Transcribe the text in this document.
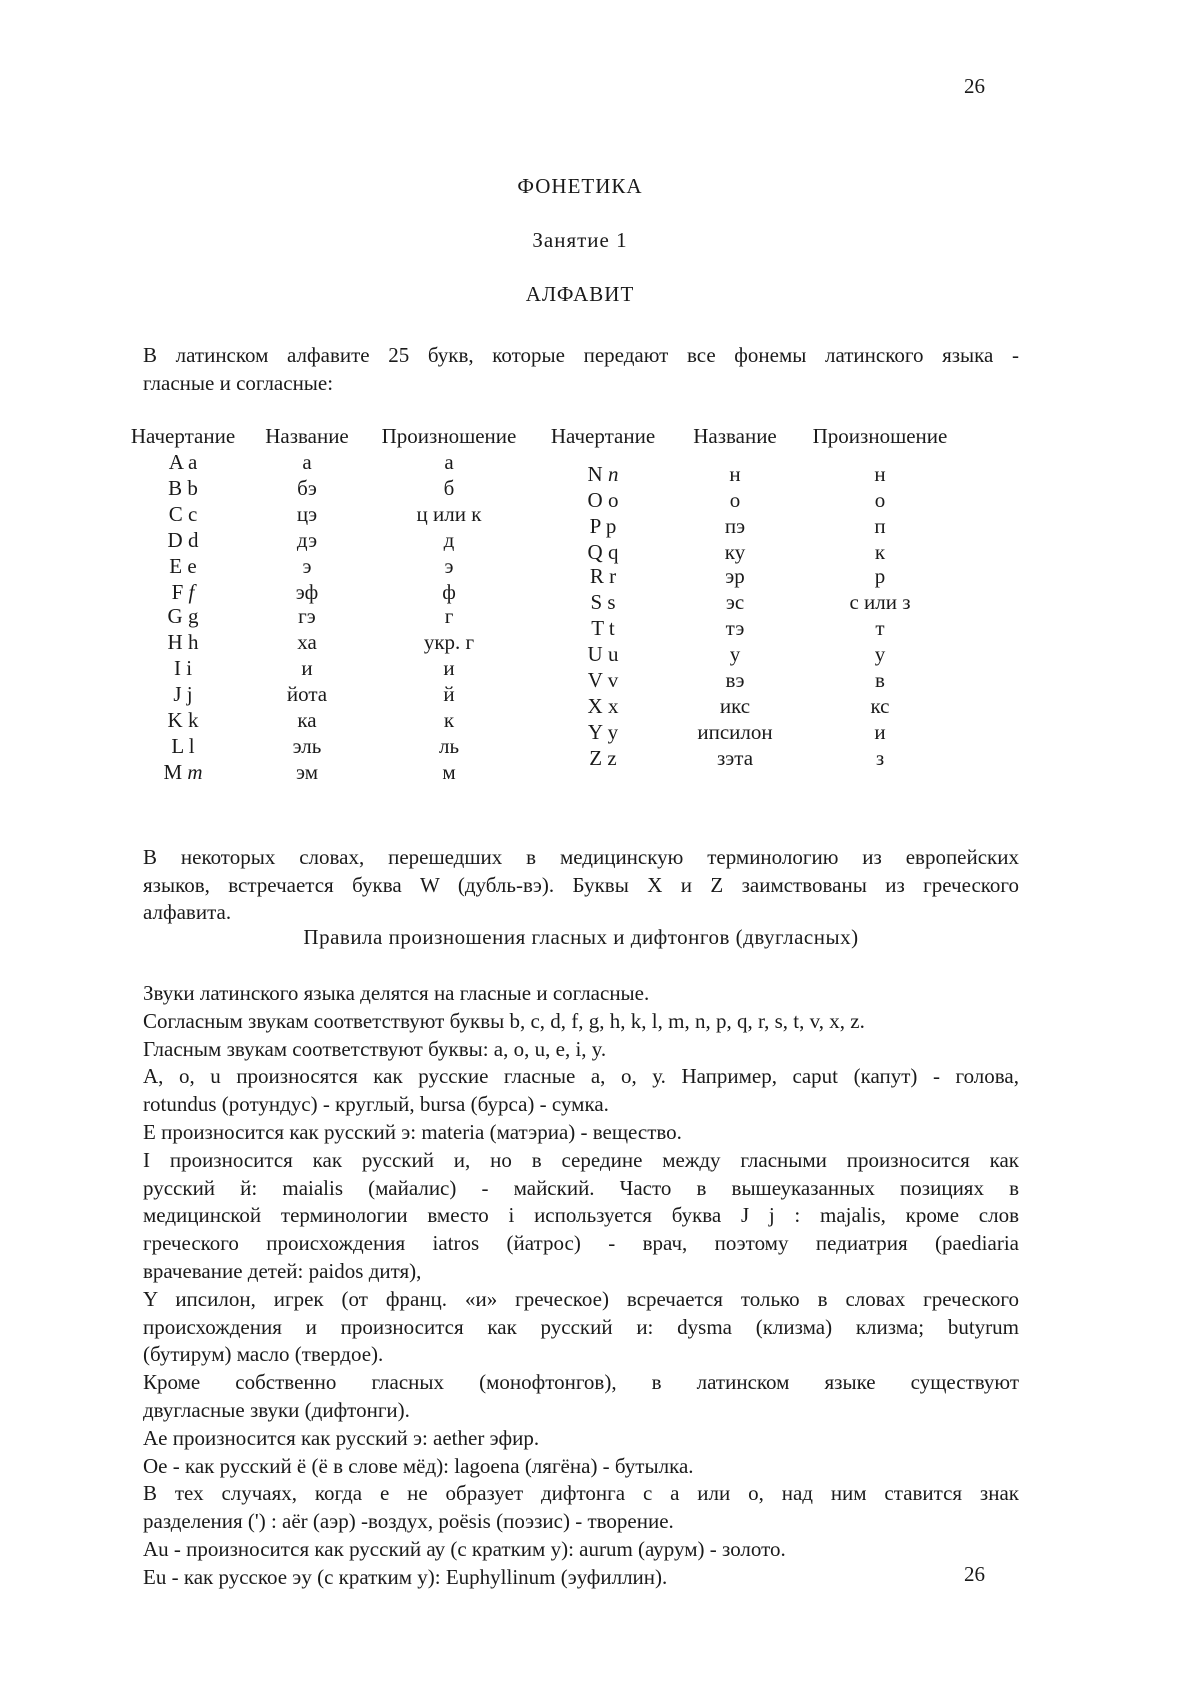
26
ФОНЕТИКА
Занятие 1
АЛФАВИТ
В латинском алфавите 25 букв, которые передают все фонемы латинского языка -
гласные и согласные:
Начертание	Название	Произношение	Начертание	Название	Произношение
A a	а	а
B b	бэ	б
C c	цэ	ц или к
D d	дэ	д
E e	э	э
F f	эф	ф
G g	гэ	г
H h	ха	укр. г
I i	и	и
J j	йота	й
K k	ка	к
L l	эль	ль
M m	эм	м
N n	н	н
O o	о	о
P p	пэ	п
Q q	ку	к
R r	эр	р
S s	эс	с или з
T t	тэ	т
U u	у	у
V v	вэ	в
X x	икс	кс
Y y	ипсилон	и
Z z	зэта	з
В некоторых словах, перешедших в медицинскую терминологию из европейских
языков, встречается буква W (дубль-вэ). Буквы X и Z заимствованы из греческого
алфавита.
Правила произношения гласных и дифтонгов (двугласных)
Звуки латинского языка делятся на гласные и согласные.
Согласным звукам соответствуют буквы b, c, d, f, g, h, k, l, m, n, p, q, r, s, t, v, x, z.
Гласным звукам соответствуют буквы: a, o, u, e, i, y.
A, o, u произносятся как русские гласные а, о, у. Например, caput (капут) - голова,
rotundus (ротундус) - круглый, bursa (бурса) - сумка.
E произносится как русский э: materia (матэриа) - вещество.
I произносится как русский и, но в середине между гласными произносится как
русский й: maialis (майалис) - майский. Часто в вышеуказанных позициях в
медицинской терминологии вместо i используется буква J j : majalis, кроме слов
греческого происхождения iatros (йатрос) - врач, поэтому педиатрия (paediaria
врачевание детей: paidos дитя),
Y ипсилон, игрек (от франц. «и» греческое) всречается только в словах греческого
происхождения и произносится как русский и: dysma (клизма) клизма; butyrum
(бутирум) масло (твердое).
Кроме собственно гласных (монофтонгов), в латинском языке существуют
двугласные звуки (дифтонги).
Ae произносится как русский э: aether эфир.
Oe - как русский ё (ё в слове мёд): lagoena (лягёна) - бутылка.
В тех случаях, когда е не образует дифтонга с а или о, над ним ставится знак
разделения (') : aёr (аэр) -воздух, poёsis (поэзис) - творение.
Au - произносится как русский ау (с кратким у): aurum (аурум) - золото.
Eu - как русское эу (с кратким у): Euphyllinum (эуфиллин).	26
